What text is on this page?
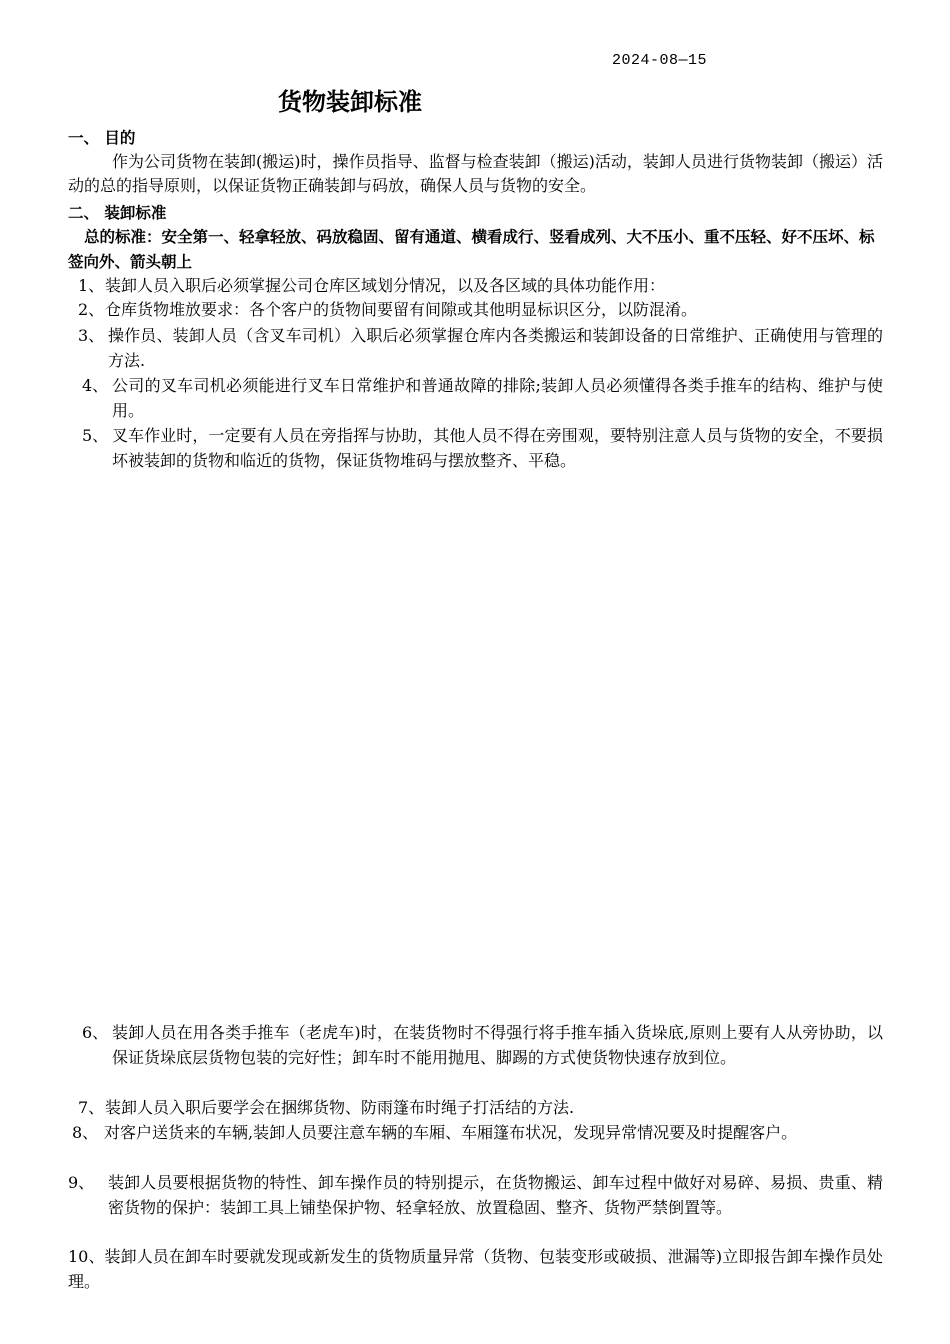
2024-08—15
货物装卸标准
一、 目的
作为公司货物在装卸(搬运)时，操作员指导、监督与检查装卸（搬运)活动，装卸人员进行货物装卸（搬运）活动的总的指导原则，以保证货物正确装卸与码放，确保人员与货物的安全。
二、 装卸标准
总的标准：安全第一、轻拿轻放、码放稳固、留有通道、横看成行、竖看成列、大不压小、重不压轻、好不压坏、标签向外、箭头朝上
1、 装卸人员入职后必须掌握公司仓库区域划分情况，以及各区域的具体功能作用：
2、 仓库货物堆放要求：各个客户的货物间要留有间隙或其他明显标识区分，以防混淆。
3、 操作员、装卸人员（含叉车司机）入职后必须掌握仓库内各类搬运和装卸设备的日常维护、正确使用与管理的方法.
4、 公司的叉车司机必须能进行叉车日常维护和普通故障的排除;装卸人员必须懂得各类手推车的结构、维护与使用。
5、 叉车作业时，一定要有人员在旁指挥与协助，其他人员不得在旁围观，要特别注意人员与货物的安全，不要损坏被装卸的货物和临近的货物，保证货物堆码与摆放整齐、平稳。
6、 装卸人员在用各类手推车（老虎车)时，在装货物时不得强行将手推车插入货垛底,原则上要有人从旁协助，以保证货垛底层货物包装的完好性；卸车时不能用抛甩、脚踢的方式使货物快速存放到位。
7、 装卸人员入职后要学会在捆绑货物、防雨篷布时绳子打活结的方法.
8、 对客户送货来的车辆,装卸人员要注意车辆的车厢、车厢篷布状况，发现异常情况要及时提醒客户。
9、 装卸人员要根据货物的特性、卸车操作员的特别提示，在货物搬运、卸车过程中做好对易碎、易损、贵重、精密货物的保护：装卸工具上铺垫保护物、轻拿轻放、放置稳固、整齐、货物严禁倒置等。
10、装卸人员在卸车时要就发现或新发生的货物质量异常（货物、包装变形或破损、泄漏等)立即报告卸车操作员处理。
